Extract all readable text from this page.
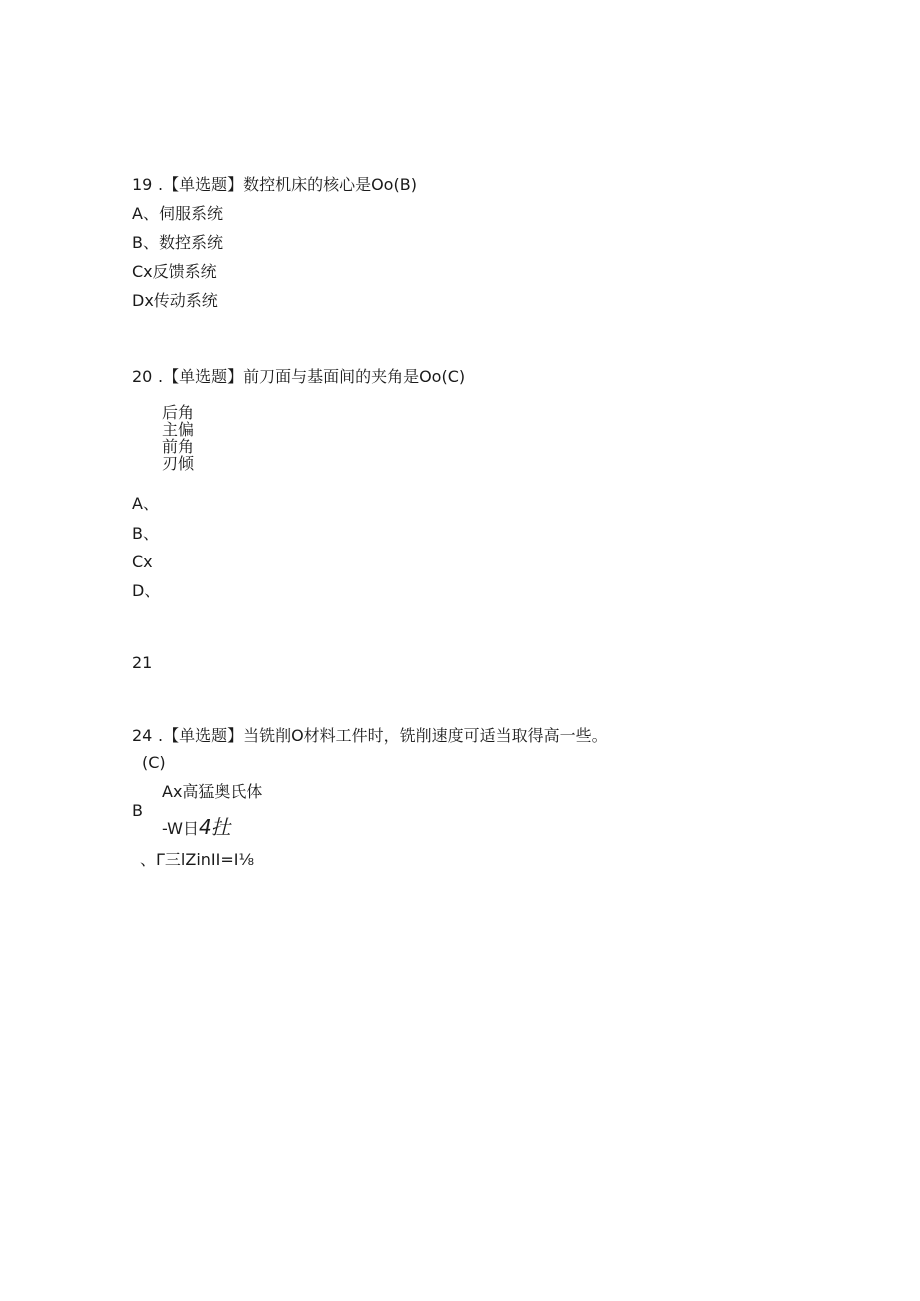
19 .【单选题】数控机床的核心是Oo(B)
A、伺服系统
B、数控系统
Cx反馈系统
Dx传动系统
20 .【单选题】前刀面与基面间的夹角是Oo(C)
后角
主偏
前角
刃倾
A、
B、
Cx
D、
21
24 .【单选题】当铣削O材料工件时，铣削速度可适当取得高一些。
(C)
Ax高猛奥氏体
B
-W日4扗
、Γ三lZinII=I⅛
